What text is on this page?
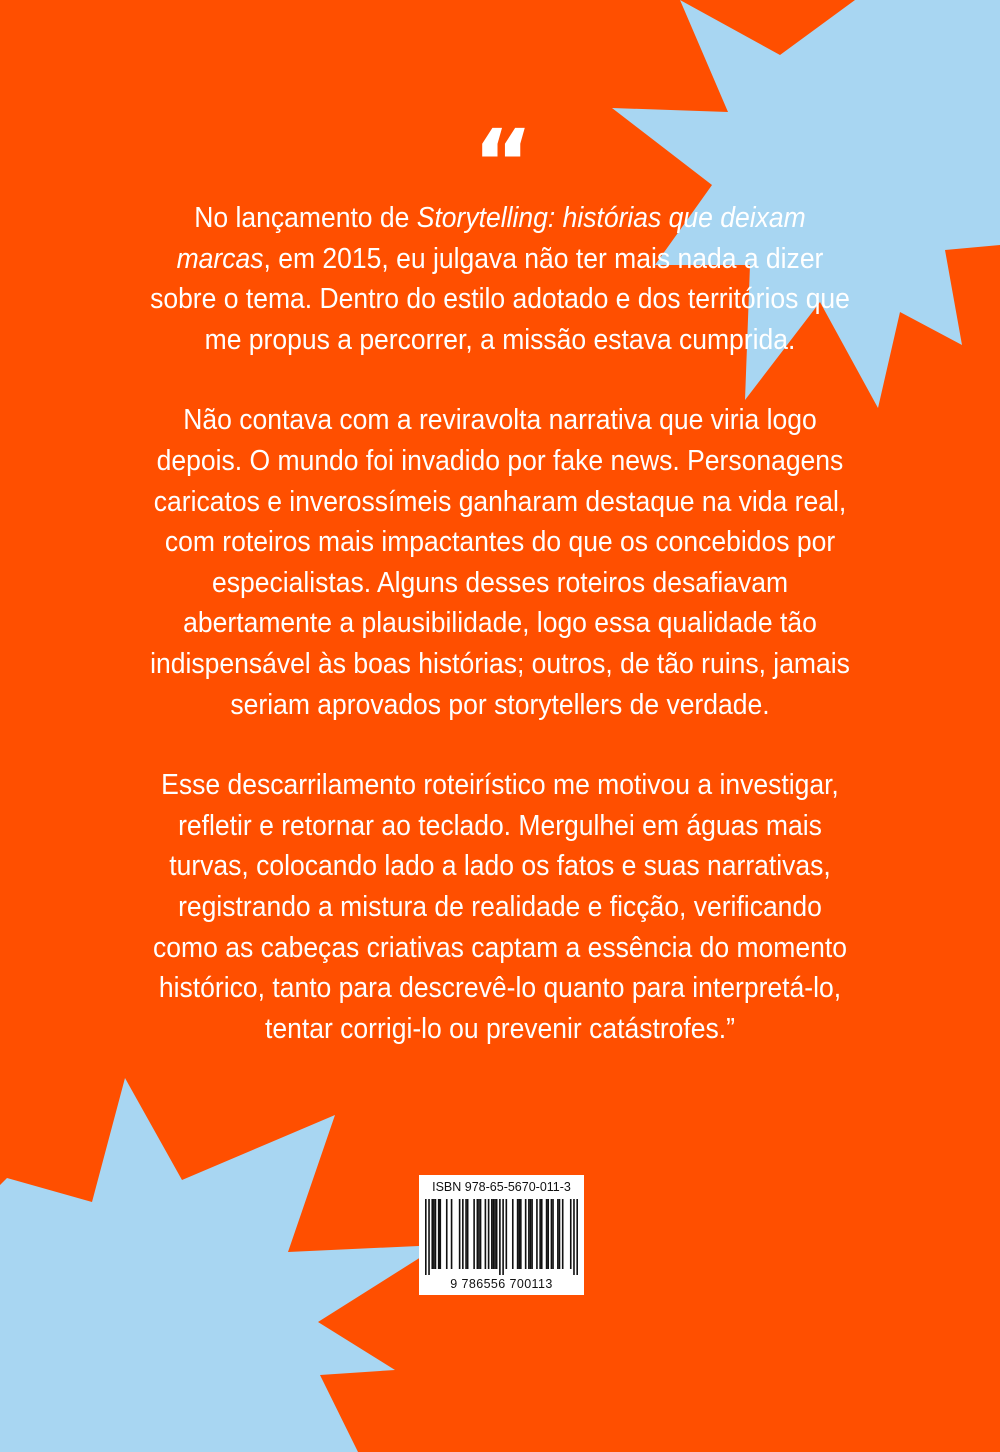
“

No lançamento de Storytelling: histórias que deixam marcas, em 2015, eu julgava não ter mais nada a dizer sobre o tema. Dentro do estilo adotado e dos territórios que me propus a percorrer, a missão estava cumprida.

Não contava com a reviravolta narrativa que viria logo depois. O mundo foi invadido por fake news. Personagens caricatos e inverossímeis ganharam destaque na vida real, com roteiros mais impactantes do que os concebidos por especialistas. Alguns desses roteiros desafiavam abertamente a plausibilidade, logo essa qualidade tão indispensável às boas histórias; outros, de tão ruins, jamais seriam aprovados por storytellers de verdade.

Esse descarrilamento roteirístico me motivou a investigar, refletir e retornar ao teclado. Mergulhei em águas mais turvas, colocando lado a lado os fatos e suas narrativas, registrando a mistura de realidade e ficção, verificando como as cabeças criativas captam a essência do momento histórico, tanto para descrevê-lo quanto para interpretá-lo, tentar corrigi-lo ou prevenir catástrofes.”

ISBN 978-65-5670-011-3
9 786556 700113
